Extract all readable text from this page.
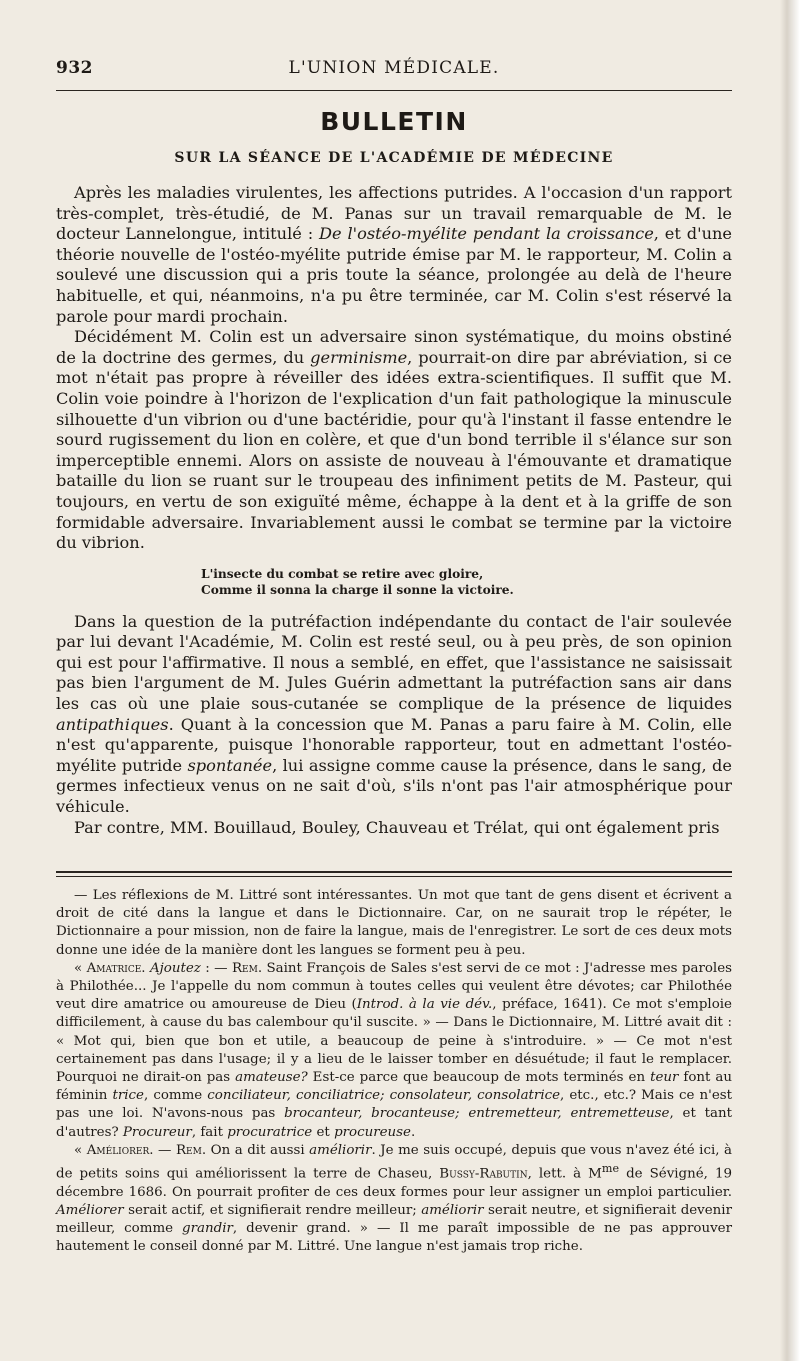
932	L'UNION MÉDICALE.
BULLETIN
SUR LA SÉANCE DE L'ACADÉMIE DE MÉDECINE

Après les maladies virulentes, les affections putrides. A l'occasion d'un rapport très-complet, très-étudié, de M. Panas sur un travail remarquable de M. le docteur Lannelongue, intitulé : De l'ostéo-myélite pendant la croissance, et d'une théorie nouvelle de l'ostéo-myélite putride émise par M. le rapporteur, M. Colin a soulevé une discussion qui a pris toute la séance, prolongée au delà de l'heure habituelle, et qui, néanmoins, n'a pu être terminée, car M. Colin s'est réservé la parole pour mardi prochain.

Décidément M. Colin est un adversaire sinon systématique, du moins obstiné de la doctrine des germes, du germinisme, pourrait-on dire par abréviation, si ce mot n'était pas propre à réveiller des idées extra-scientifiques. Il suffit que M. Colin voie poindre à l'horizon de l'explication d'un fait pathologique la minuscule silhouette d'un vibrion ou d'une bactéridie, pour qu'à l'instant il fasse entendre le sourd rugissement du lion en colère, et que d'un bond terrible il s'élance sur son imperceptible ennemi. Alors on assiste de nouveau à l'émouvante et dramatique bataille du lion se ruant sur le troupeau des infiniment petits de M. Pasteur, qui toujours, en vertu de son exiguïté même, échappe à la dent et à la griffe de son formidable adversaire. Invariablement aussi le combat se termine par la victoire du vibrion.

L'insecte du combat se retire avec gloire,
Comme il sonna la charge il sonne la victoire.

Dans la question de la putréfaction indépendante du contact de l'air soulevée par lui devant l'Académie, M. Colin est resté seul, ou à peu près, de son opinion qui est pour l'affirmative. Il nous a semblé, en effet, que l'assistance ne saisissait pas bien l'argument de M. Jules Guérin admettant la putréfaction sans air dans les cas où une plaie sous-cutanée se complique de la présence de liquides antipathiques. Quant à la concession que M. Panas a paru faire à M. Colin, elle n'est qu'apparente, puisque l'honorable rapporteur, tout en admettant l'ostéo-myélite putride spontanée, lui assigne comme cause la présence, dans le sang, de germes infectieux venus on ne sait d'où, s'ils n'ont pas l'air atmosphérique pour véhicule.

Par contre, MM. Bouillaud, Bouley, Chauveau et Trélat, qui ont également pris

— Les réflexions de M. Littré sont intéressantes. Un mot que tant de gens disent et écrivent a droit de cité dans la langue et dans le Dictionnaire. Car, on ne saurait trop le répéter, le Dictionnaire a pour mission, non de faire la langue, mais de l'enregistrer. Le sort de ces deux mots donne une idée de la manière dont les langues se forment peu à peu.

« Amatrice. Ajoutez : — Rem. Saint François de Sales s'est servi de ce mot : J'adresse mes paroles à Philothée... Je l'appelle du nom commun à toutes celles qui veulent être dévotes; car Philothée veut dire amatrice ou amoureuse de Dieu (Introd. à la vie dév., préface, 1641). Ce mot s'emploie difficilement, à cause du bas calembour qu'il suscite. » — Dans le Dictionnaire, M. Littré avait dit : « Mot qui, bien que bon et utile, a beaucoup de peine à s'introduire. » — Ce mot n'est certainement pas dans l'usage; il y a lieu de le laisser tomber en désuétude; il faut le remplacer. Pourquoi ne dirait-on pas amateuse? Est-ce parce que beaucoup de mots terminés en teur font au féminin trice, comme conciliateur, conciliatrice; consolateur, consolatrice, etc., etc.? Mais ce n'est pas une loi. N'avons-nous pas brocanteur, brocanteuse; entremetteur, entremetteuse, et tant d'autres? Procureur, fait procuratrice et procureuse.

« Améliorer. — Rem. On a dit aussi améliorir. Je me suis occupé, depuis que vous n'avez été ici, à de petits soins qui améliorissent la terre de Chaseu, Bussy-Rabutin, lett. à $M^{me}$ de Sévigné, 19 décembre 1686. On pourrait profiter de ces deux formes pour leur assigner un emploi particulier. Améliorer serait actif, et signifierait rendre meilleur; améliorir serait neutre, et signifierait devenir meilleur, comme grandir, devenir grand. » — Il me paraît impossible de ne pas approuver hautement le conseil donné par M. Littré. Une langue n'est jamais trop riche.
